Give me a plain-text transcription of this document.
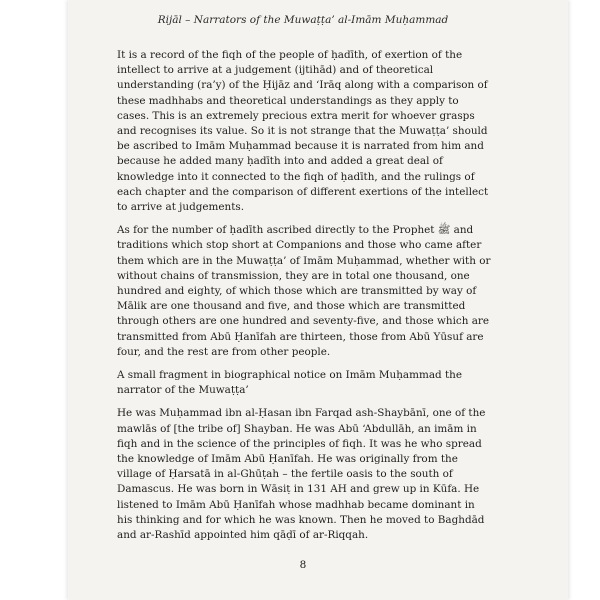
Rijāl – Narrators of the Muwaṭṭa’ al-Imām Muḥammad

It is a record of the fiqh of the people of ḥadīth, of exertion of the intellect to arrive at a judgement (ijtihād) and of theoretical understanding (ra’y) of the Ḥijāz and ‘Irāq along with a comparison of these madhhabs and theoretical understandings as they apply to cases. This is an extremely precious extra merit for whoever grasps and recognises its value. So it is not strange that the Muwaṭṭa’ should be ascribed to Imām Muḥammad because it is narrated from him and because he added many ḥadīth into and added a great deal of knowledge into it connected to the fiqh of ḥadīth, and the rulings of each chapter and the comparison of different exertions of the intellect to arrive at judgements.

As for the number of ḥadīth ascribed directly to the Prophet ﷺ and traditions which stop short at Companions and those who came after them which are in the Muwaṭṭa’ of Imām Muḥammad, whether with or without chains of transmission, they are in total one thousand, one hundred and eighty, of which those which are transmitted by way of Mālik are one thousand and five, and those which are transmitted through others are one hundred and seventy-five, and those which are transmitted from Abū Ḥanīfah are thirteen, those from Abū Yūsuf are four, and the rest are from other people.

A small fragment in biographical notice on Imām Muḥammad the narrator of the Muwaṭṭa’

He was Muḥammad ibn al-Ḥasan ibn Farqad ash-Shaybānī, one of the mawlās of [the tribe of] Shayban. He was Abū ‘Abdullāh, an imām in fiqh and in the science of the principles of fiqh. It was he who spread the knowledge of Imām Abū Ḥanīfah. He was originally from the village of Ḥarsatā in al-Ghūṭah – the fertile oasis to the south of Damascus. He was born in Wāsiṭ in 131 AH and grew up in Kūfa. He listened to Imām Abū Ḥanīfah whose madhhab became dominant in his thinking and for which he was known. Then he moved to Baghdād and ar-Rashīd appointed him qāḍī of ar-Riqqah.

8
